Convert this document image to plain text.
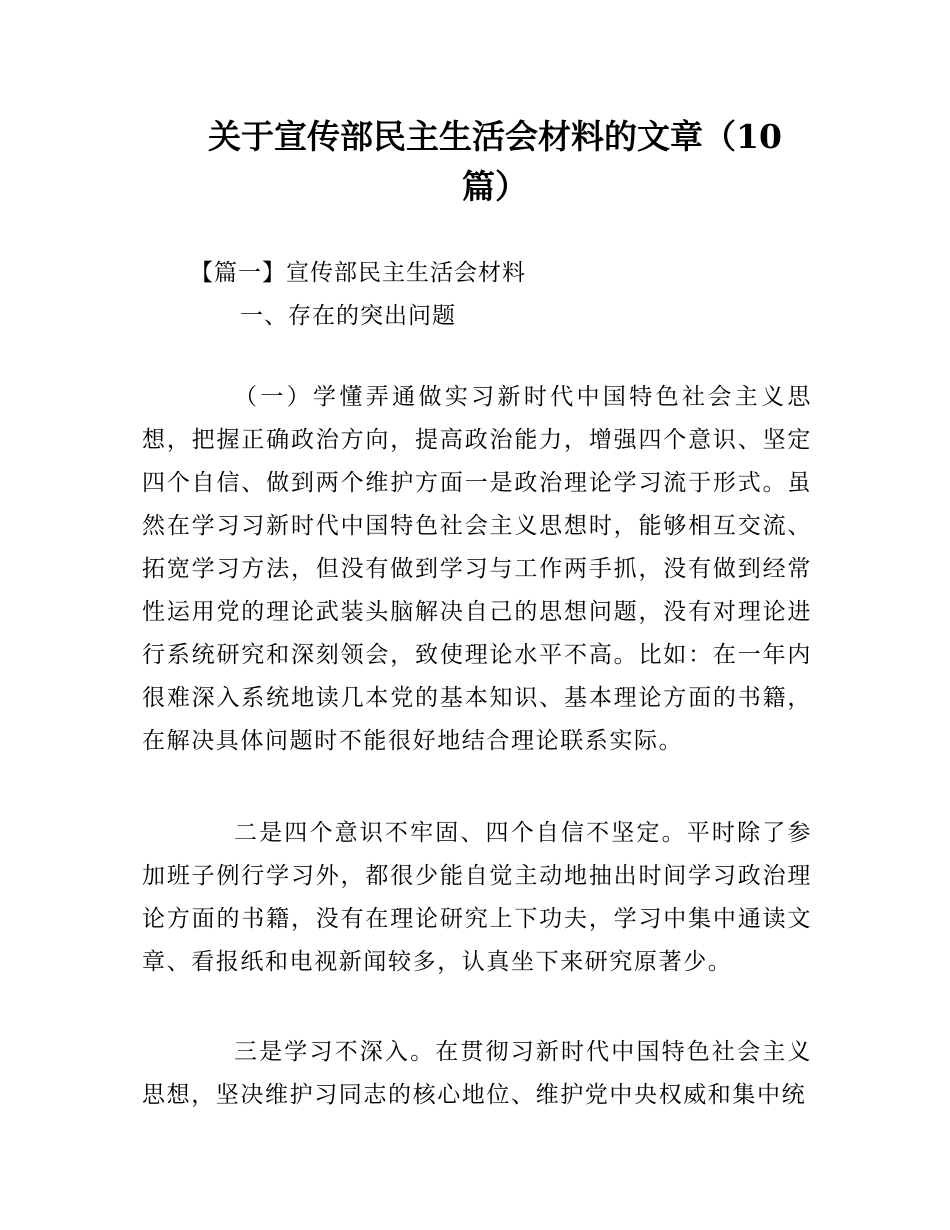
关于宣传部民主生活会材料的文章（10篇）
【篇一】宣传部民主生活会材料
一、存在的突出问题
（一）学懂弄通做实习新时代中国特色社会主义思想，把握正确政治方向，提高政治能力，增强四个意识、坚定四个自信、做到两个维护方面一是政治理论学习流于形式。虽然在学习习新时代中国特色社会主义思想时，能够相互交流、拓宽学习方法，但没有做到学习与工作两手抓，没有做到经常性运用党的理论武装头脑解决自己的思想问题，没有对理论进行系统研究和深刻领会，致使理论水平不高。比如：在一年内很难深入系统地读几本党的基本知识、基本理论方面的书籍，在解决具体问题时不能很好地结合理论联系实际。
二是四个意识不牢固、四个自信不坚定。平时除了参加班子例行学习外，都很少能自觉主动地抽出时间学习政治理论方面的书籍，没有在理论研究上下功夫，学习中集中通读文章、看报纸和电视新闻较多，认真坐下来研究原著少。
三是学习不深入。在贯彻习新时代中国特色社会主义思想，坚决维护习同志的核心地位、维护党中央权威和集中统
